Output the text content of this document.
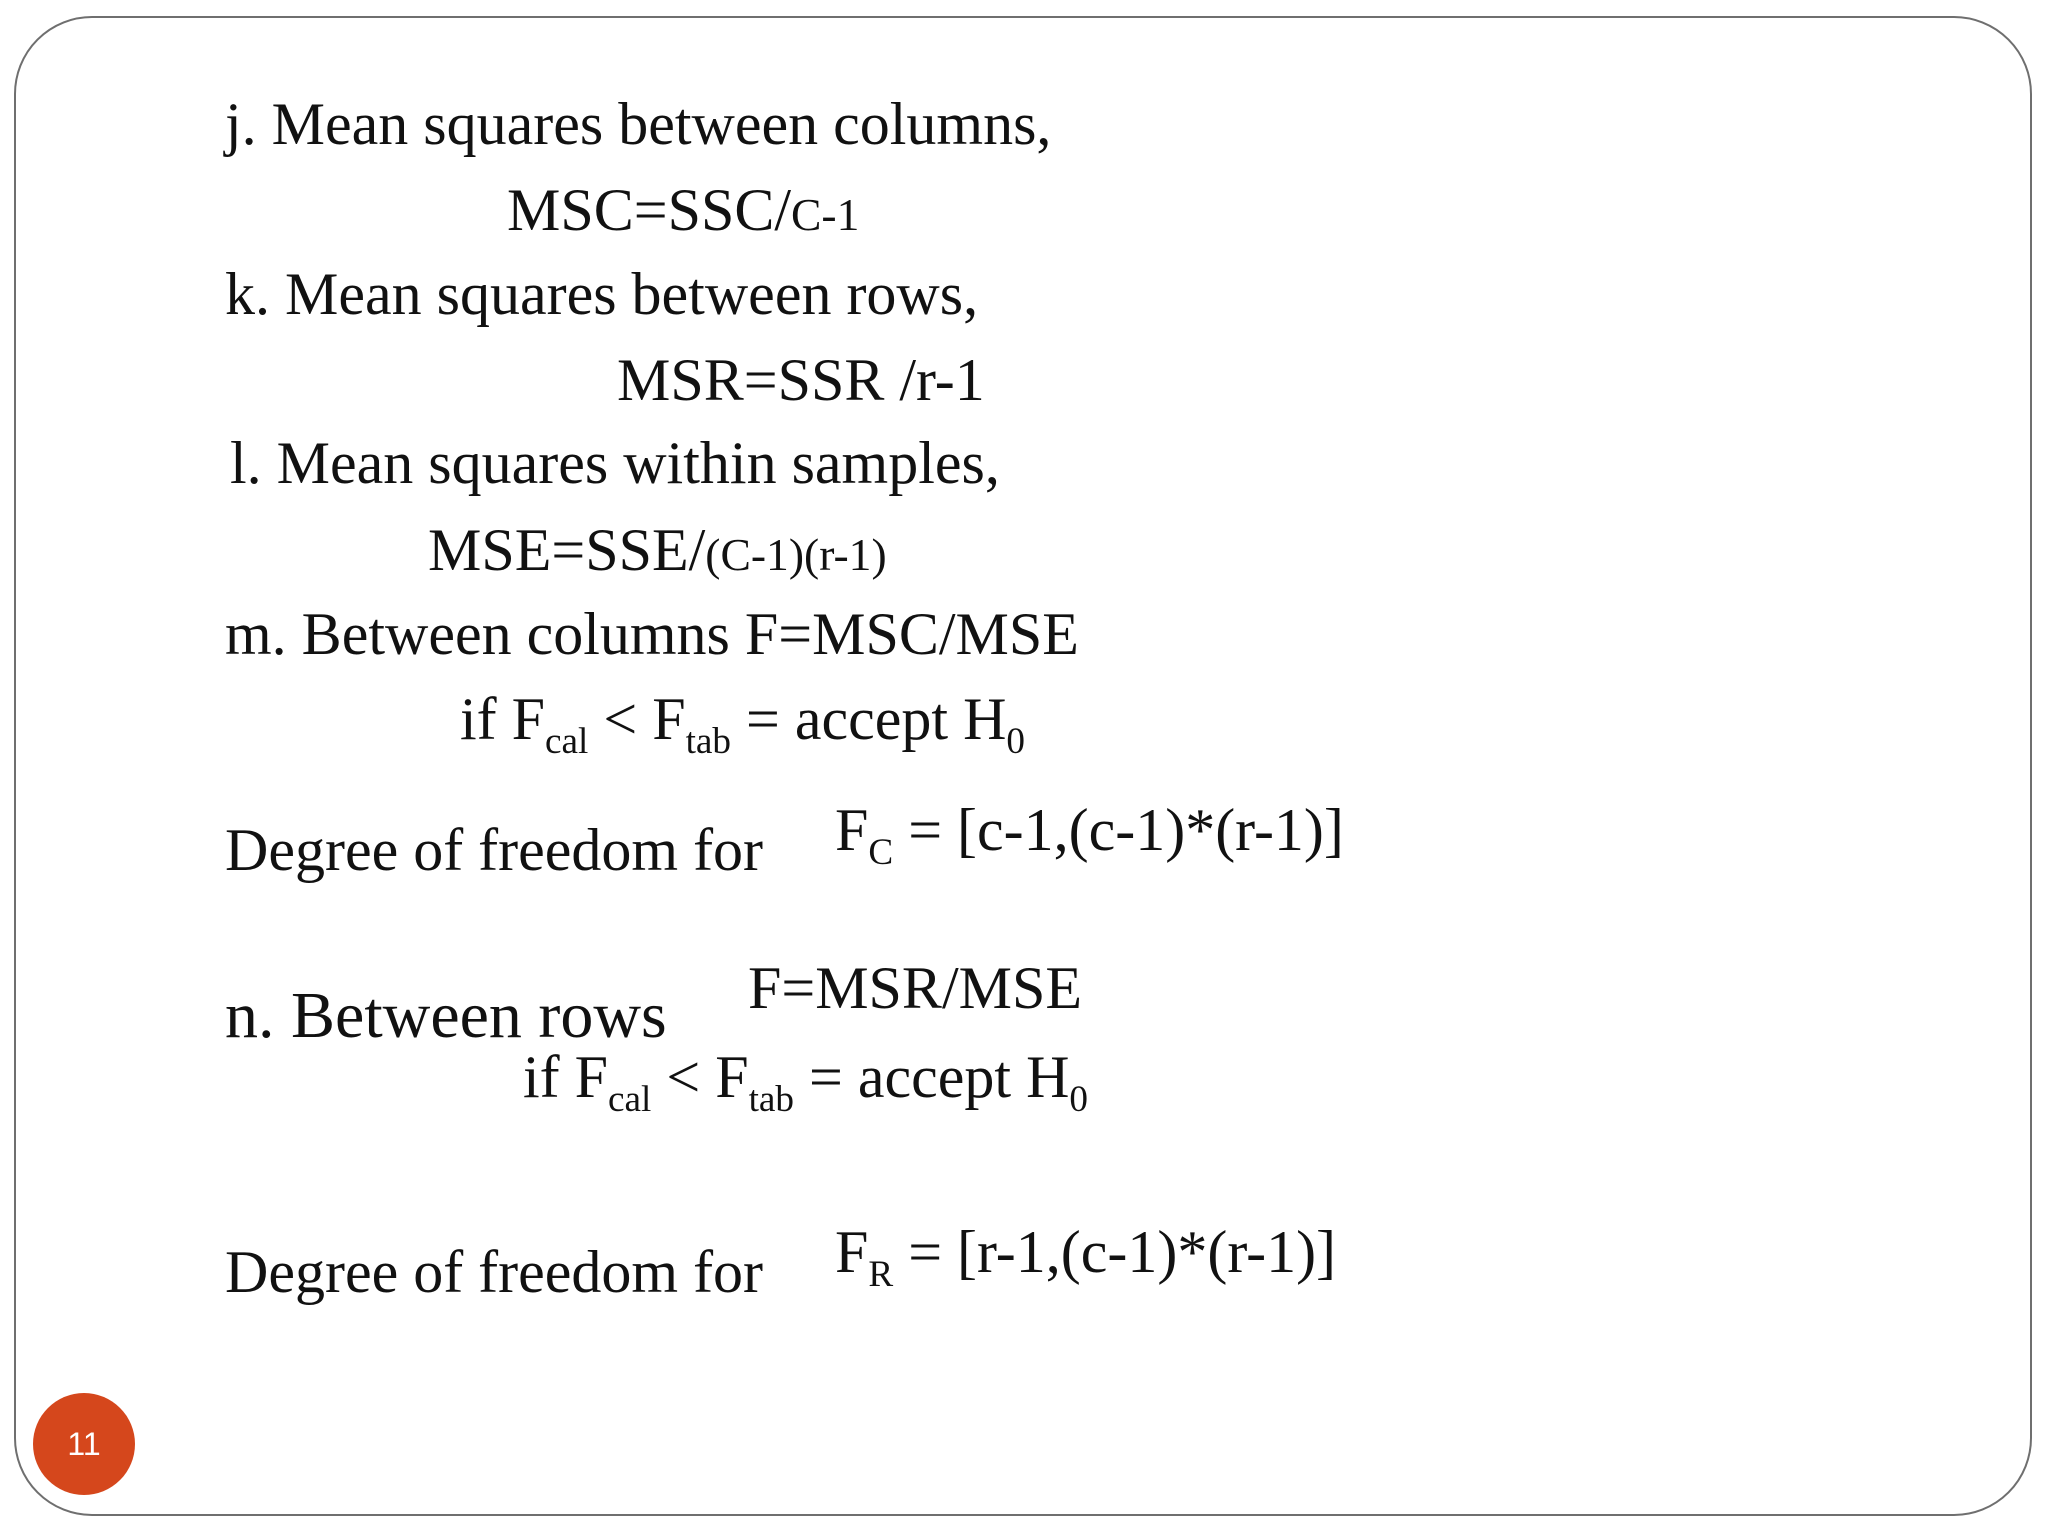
j. Mean squares between columns,
MSC=SSC/C-1
k. Mean squares between rows,
MSR=SSR /r-1
l. Mean squares within samples,
MSE=SSE/(C-1)(r-1)
m. Between columns F=MSC/MSE
if $F_{cal} < F_{tab}$ = accept $H_0$
Degree of freedom for $F_C = [c-1,(c-1)*(r-1)]$
n. Between rows F=MSR/MSE
if $F_{cal} < F_{tab}$ = accept $H_0$
Degree of freedom for $F_R = [r-1,(c-1)*(r-1)]$
11
